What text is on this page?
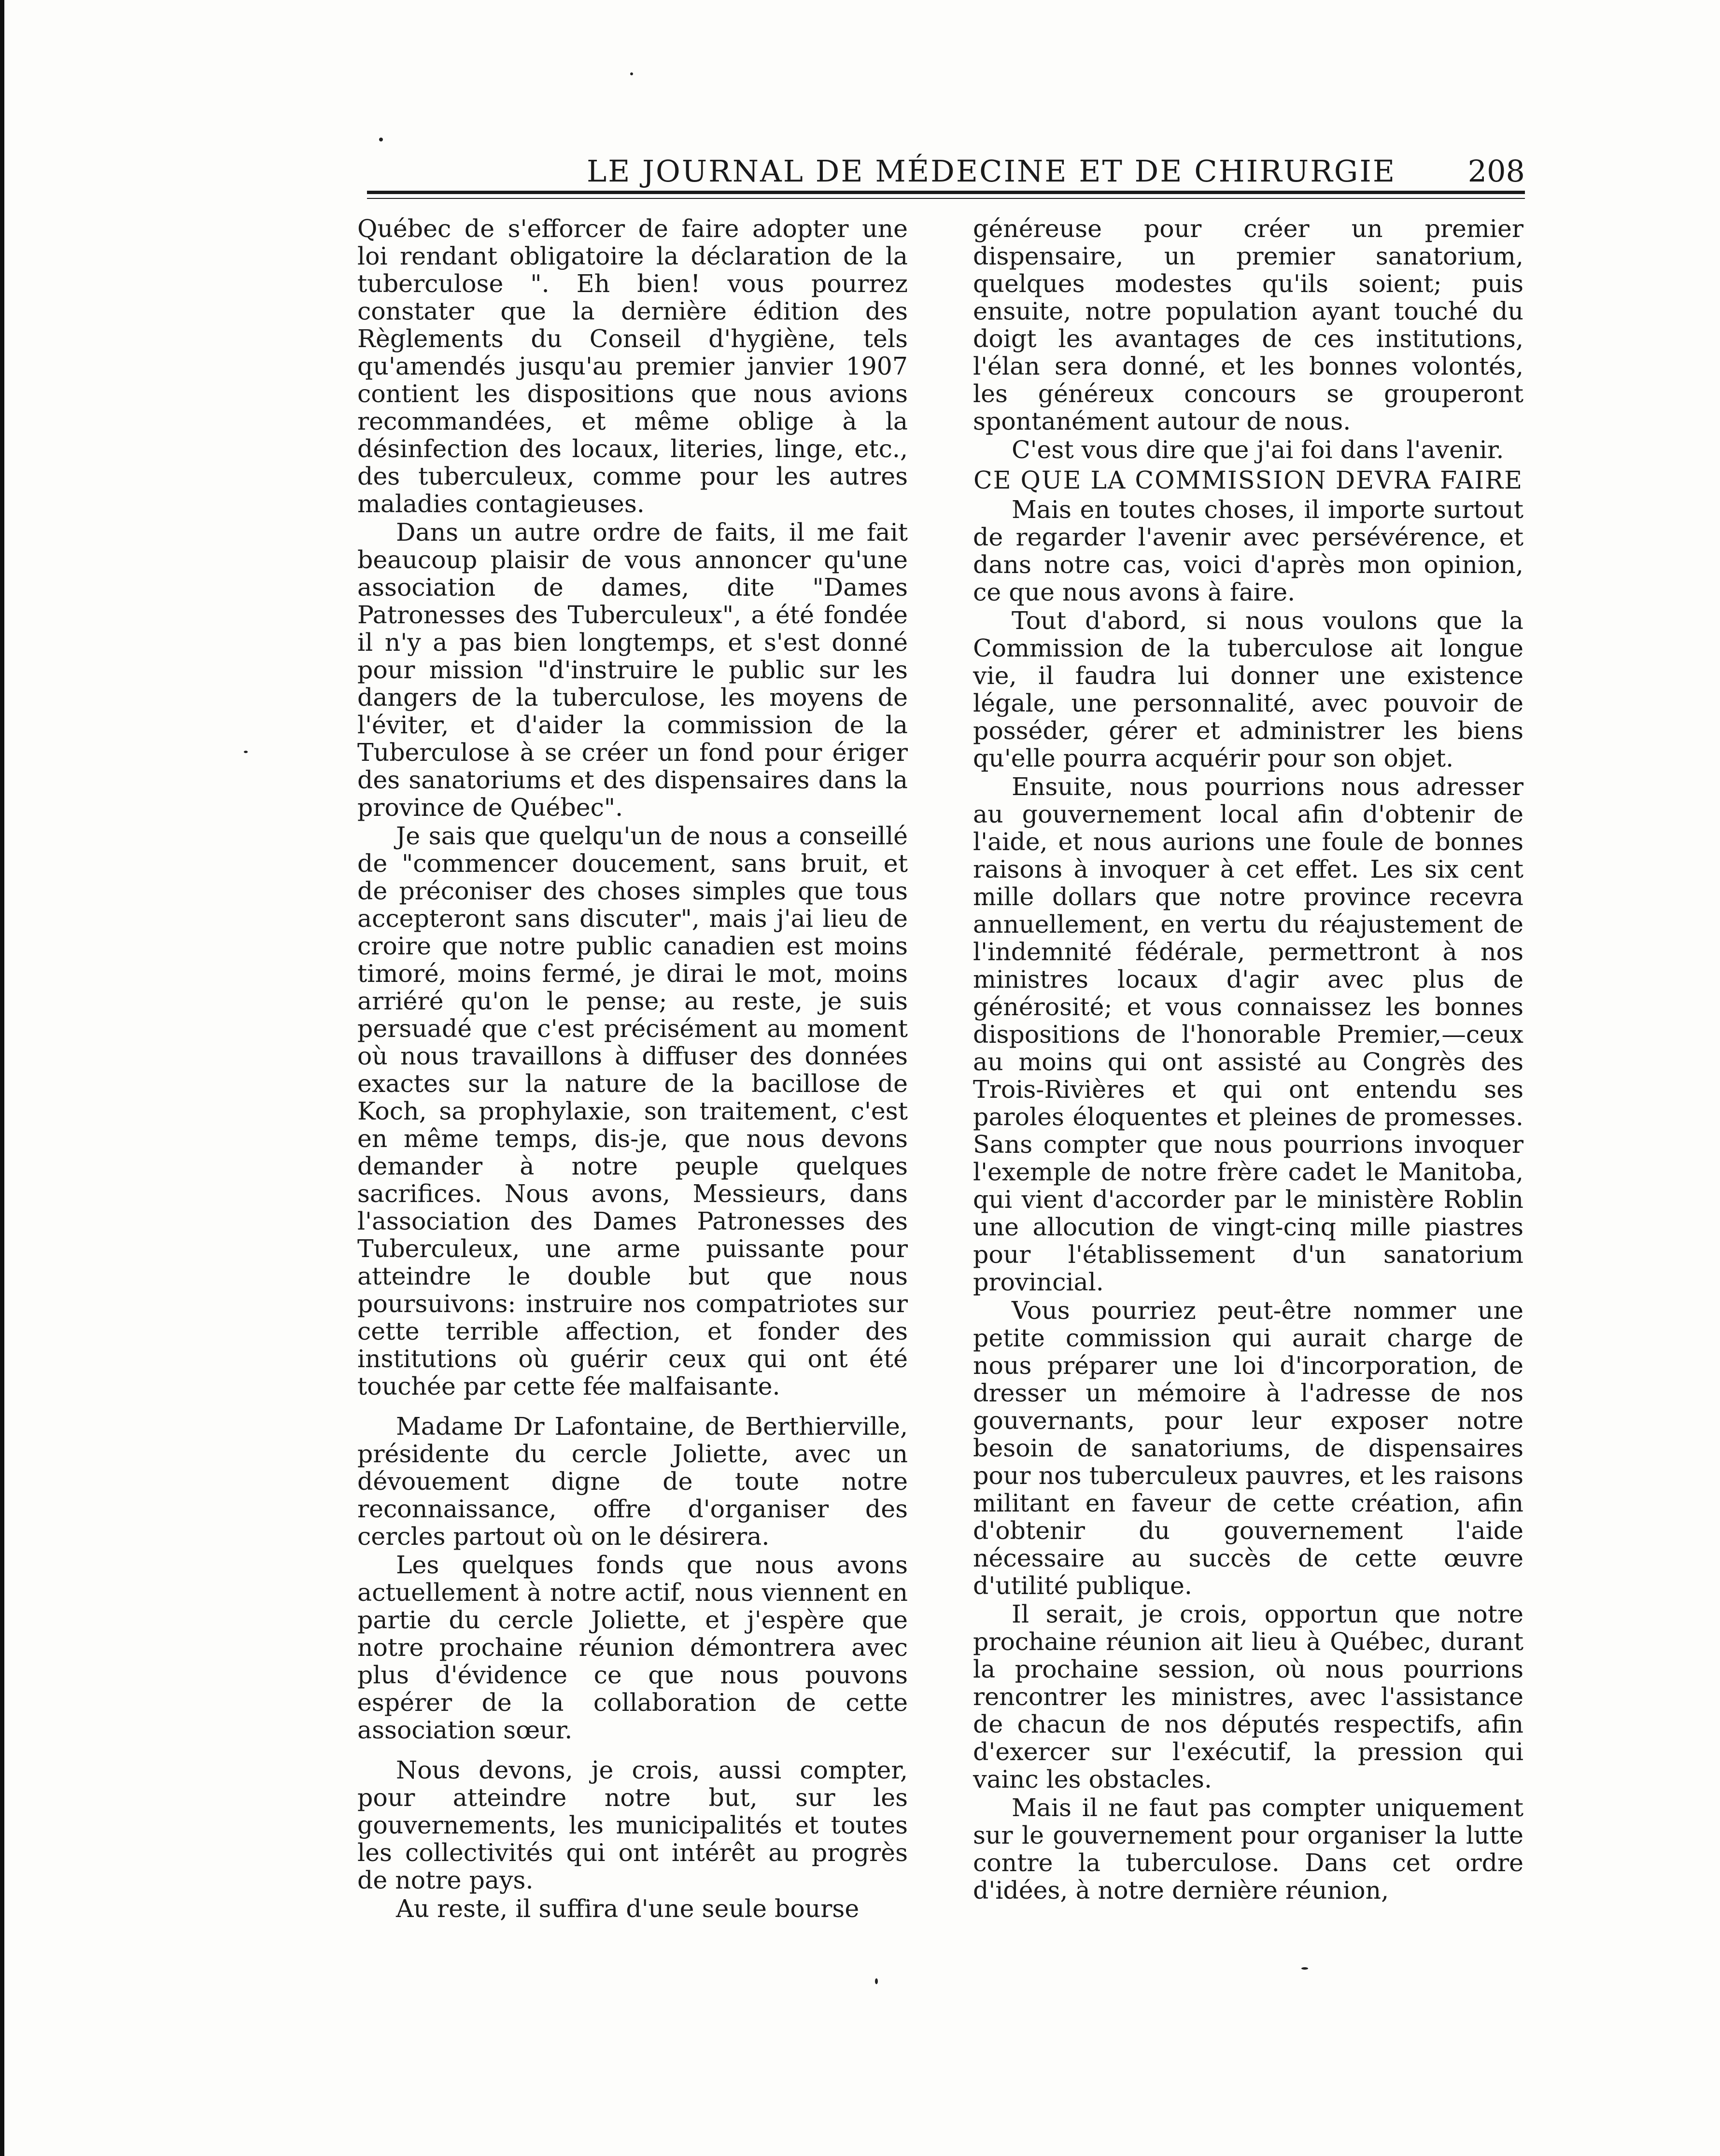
LE JOURNAL DE MÉDECINE ET DE CHIRURGIE 208

Québec de s'efforcer de faire adopter une loi rendant obligatoire la déclaration de la tuberculose ". Eh bien! vous pourrez constater que la dernière édition des Règlements du Conseil d'hygiène, tels qu'amendés jusqu'au premier janvier 1907 contient les dispositions que nous avions recommandées, et même oblige à la désinfection des locaux, literies, linge, etc., des tuberculeux, comme pour les autres maladies contagieuses.

Dans un autre ordre de faits, il me fait beaucoup plaisir de vous annoncer qu'une association de dames, dite "Dames Patronesses des Tuberculeux", a été fondée il n'y a pas bien longtemps, et s'est donné pour mission "d'instruire le public sur les dangers de la tuberculose, les moyens de l'éviter, et d'aider la commission de la Tuberculose à se créer un fond pour ériger des sanatoriums et des dispensaires dans la province de Québec".

Je sais que quelqu'un de nous a conseillé de "commencer doucement, sans bruit, et de préconiser des choses simples que tous accepteront sans discuter", mais j'ai lieu de croire que notre public canadien est moins timoré, moins fermé, je dirai le mot, moins arriéré qu'on le pense; au reste, je suis persuadé que c'est précisément au moment où nous travaillons à diffuser des données exactes sur la nature de la bacillose de Koch, sa prophylaxie, son traitement, c'est en même temps, dis-je, que nous devons demander à notre peuple quelques sacrifices. Nous avons, Messieurs, dans l'association des Dames Patronesses des Tuberculeux, une arme puissante pour atteindre le double but que nous poursuivons: instruire nos compatriotes sur cette terrible affection, et fonder des institutions où guérir ceux qui ont été touchée par cette fée malfaisante.

Madame Dr Lafontaine, de Berthierville, présidente du cercle Joliette, avec un dévouement digne de toute notre reconnaissance, offre d'organiser des cercles partout où on le désirera.

Les quelques fonds que nous avons actuellement à notre actif, nous viennent en partie du cercle Joliette, et j'espère que notre prochaine réunion démontrera avec plus d'évidence ce que nous pouvons espérer de la collaboration de cette association sœur.

Nous devons, je crois, aussi compter, pour atteindre notre but, sur les gouvernements, les municipalités et toutes les collectivités qui ont intérêt au progrès de notre pays.

Au reste, il suffira d'une seule bourse

généreuse pour créer un premier dispensaire, un premier sanatorium, quelques modestes qu'ils soient; puis ensuite, notre population ayant touché du doigt les avantages de ces institutions, l'élan sera donné, et les bonnes volontés, les généreux concours se grouperont spontanément autour de nous.

C'est vous dire que j'ai foi dans l'avenir.

CE QUE LA COMMISSION DEVRA FAIRE

Mais en toutes choses, il importe surtout de regarder l'avenir avec persévérence, et dans notre cas, voici d'après mon opinion, ce que nous avons à faire.

Tout d'abord, si nous voulons que la Commission de la tuberculose ait longue vie, il faudra lui donner une existence légale, une personnalité, avec pouvoir de posséder, gérer et administrer les biens qu'elle pourra acquérir pour son objet.

Ensuite, nous pourrions nous adresser au gouvernement local afin d'obtenir de l'aide, et nous aurions une foule de bonnes raisons à invoquer à cet effet. Les six cent mille dollars que notre province recevra annuellement, en vertu du réajustement de l'indemnité fédérale, permettront à nos ministres locaux d'agir avec plus de générosité; et vous connaissez les bonnes dispositions de l'honorable Premier,—ceux au moins qui ont assisté au Congrès des Trois-Rivières et qui ont entendu ses paroles éloquentes et pleines de promesses. Sans compter que nous pourrions invoquer l'exemple de notre frère cadet le Manitoba, qui vient d'accorder par le ministère Roblin une allocution de vingt-cinq mille piastres pour l'établissement d'un sanatorium provincial.

Vous pourriez peut-être nommer une petite commission qui aurait charge de nous préparer une loi d'incorporation, de dresser un mémoire à l'adresse de nos gouvernants, pour leur exposer notre besoin de sanatoriums, de dispensaires pour nos tuberculeux pauvres, et les raisons militant en faveur de cette création, afin d'obtenir du gouvernement l'aide nécessaire au succès de cette œuvre d'utilité publique.

Il serait, je crois, opportun que notre prochaine réunion ait lieu à Québec, durant la prochaine session, où nous pourrions rencontrer les ministres, avec l'assistance de chacun de nos députés respectifs, afin d'exercer sur l'exécutif, la pression qui vainc les obstacles.

Mais il ne faut pas compter uniquement sur le gouvernement pour organiser la lutte contre la tuberculose. Dans cet ordre d'idées, à notre dernière réunion,
